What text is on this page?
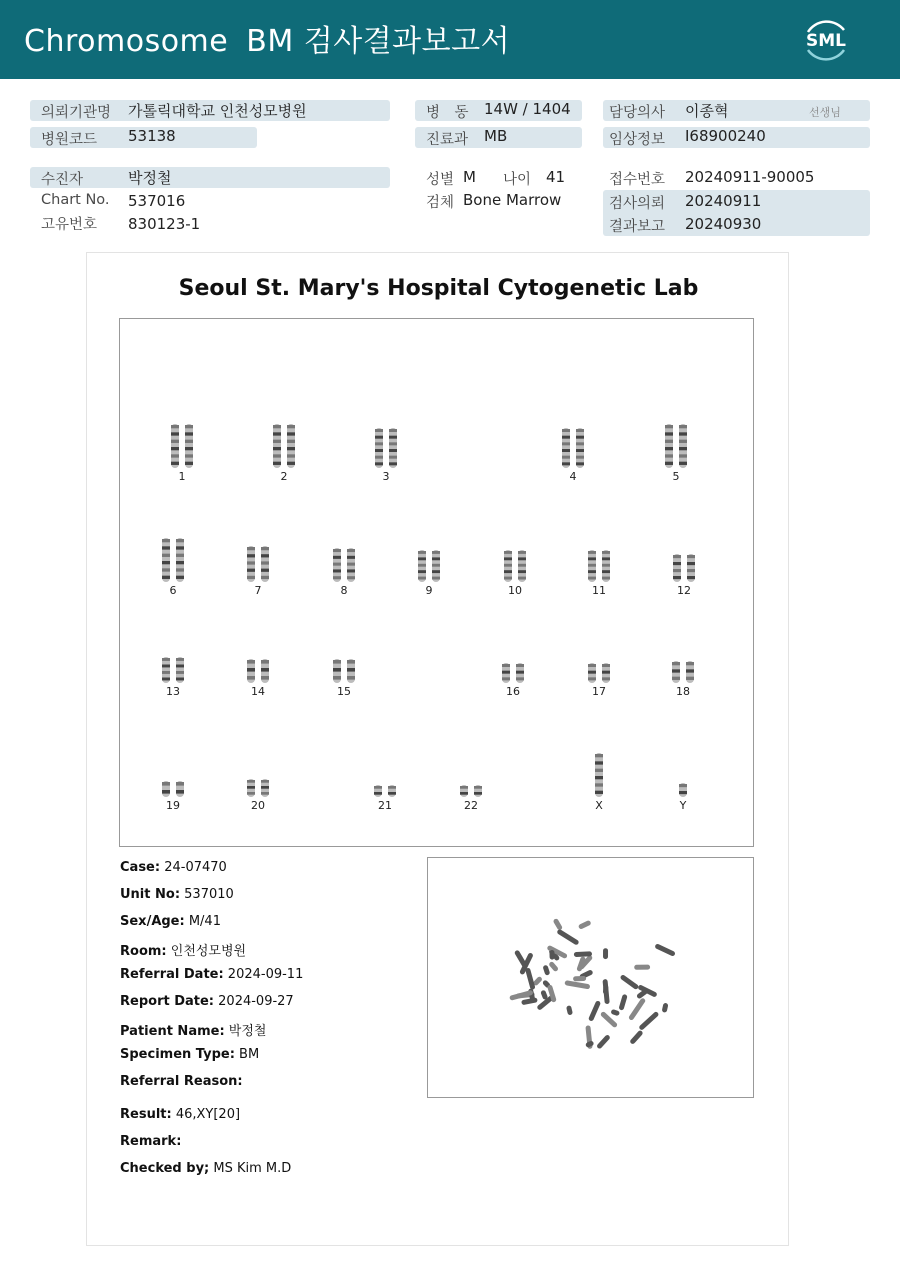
Chromosome BM 검사결과보고서	SML
의뢰기관명 가톨릭대학교 인천성모병원
병원코드 53138
병　동 14W / 1404
진료과 MB
담당의사 이종혁	선생님
임상정보 I68900240
수진자	박정철
Chart No. 537016
고유번호 830123-1
성별 M 나이 41
검체 Bone Marrow
접수번호 20240911-90005
검사의뢰 20240911
결과보고 20240930
Seoul St. Mary's Hospital Cytogenetic Lab
1	2	3	4	5
6	7	8	9	10	11	12
13	14	15	16	17	18
19	20	21	22	X	Y
Case: 24-07470
Unit No: 537010
Sex/Age: M/41
Room: 인천성모병원
Referral Date: 2024-09-11
Report Date: 2024-09-27
Patient Name: 박정철
Specimen Type: BM
Referral Reason:
Result: 46,XY[20]
Remark:
Checked by; MS Kim M.D
